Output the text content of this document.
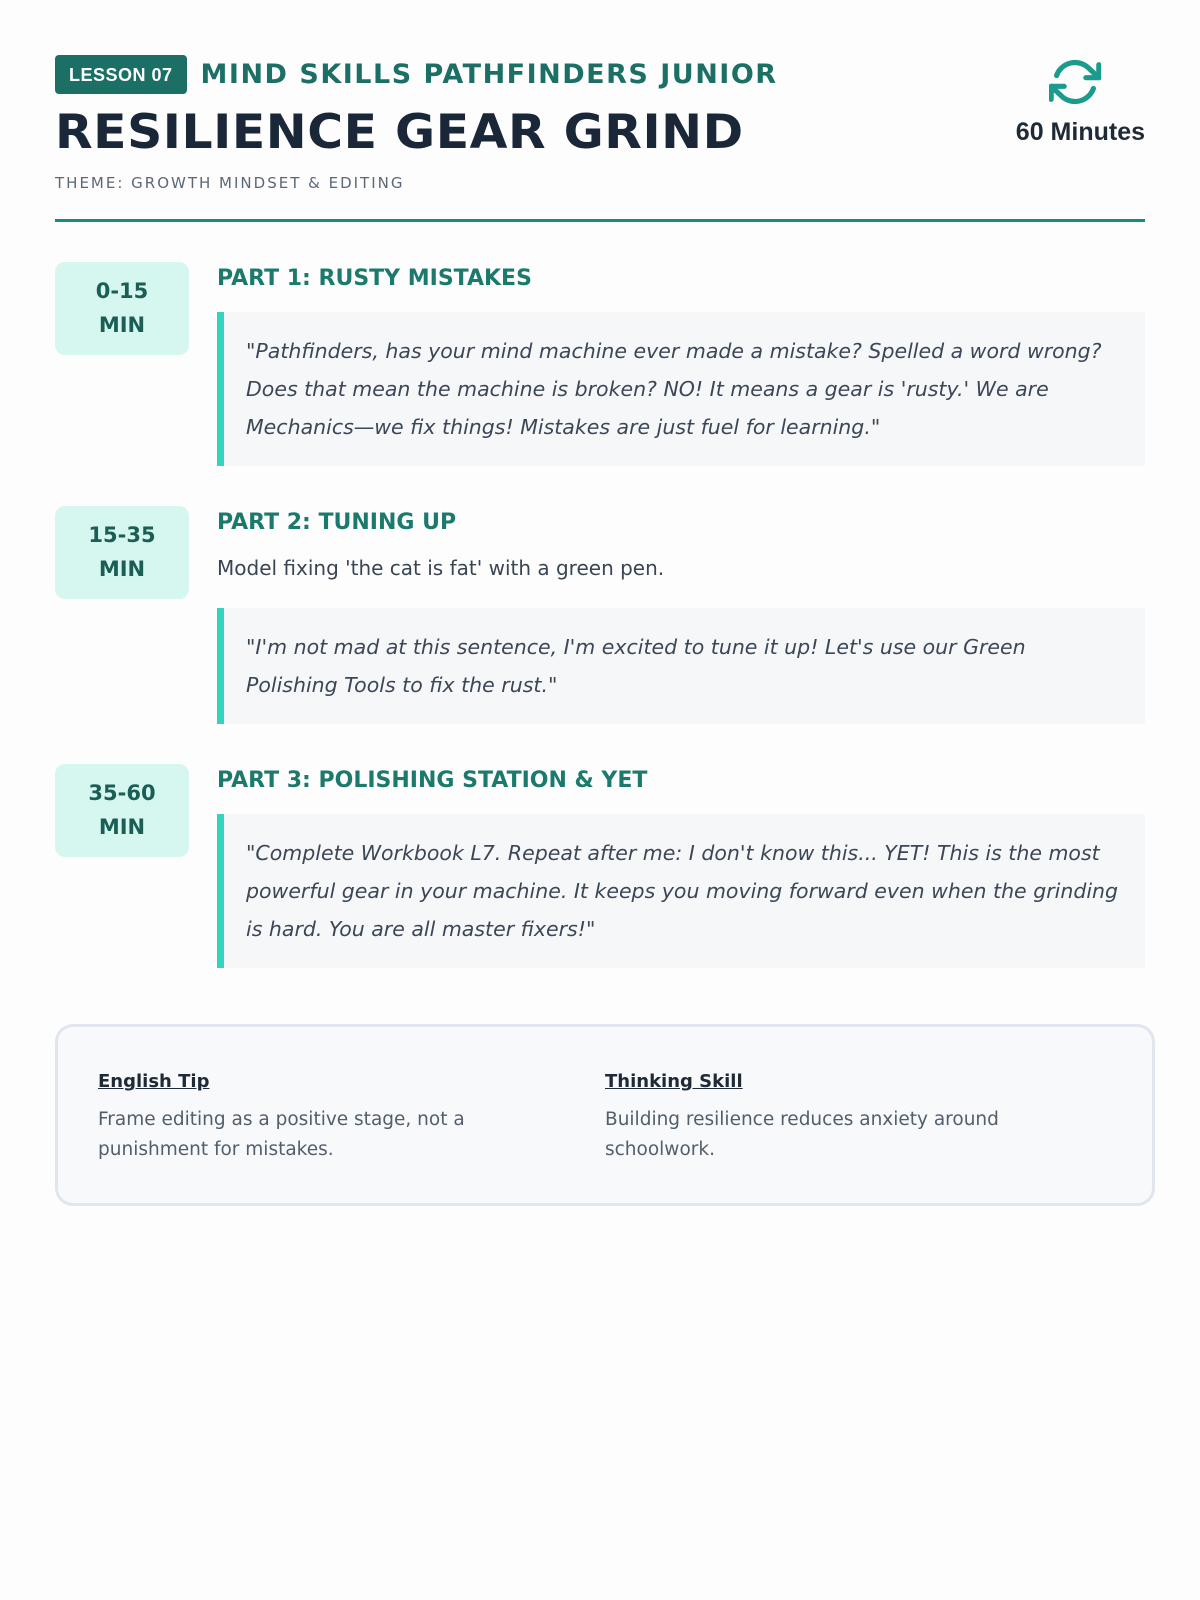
LESSON 07	MIND SKILLS PATHFINDERS JUNIOR
RESILIENCE GEAR GRIND
THEME: GROWTH MINDSET & EDITING
60 Minutes
0-15
MIN
PART 1: RUSTY MISTAKES
"Pathfinders, has your mind machine ever made a mistake? Spelled a word wrong? Does that mean the machine is broken? NO! It means a gear is 'rusty.' We are Mechanics—we fix things! Mistakes are just fuel for learning."
15-35
MIN
PART 2: TUNING UP
Model fixing 'the cat is fat' with a green pen.
"I'm not mad at this sentence, I'm excited to tune it up! Let's use our Green Polishing Tools to fix the rust."
35-60
MIN
PART 3: POLISHING STATION & YET
"Complete Workbook L7. Repeat after me: I don't know this... YET! This is the most powerful gear in your machine. It keeps you moving forward even when the grinding is hard. You are all master fixers!"
English Tip
Frame editing as a positive stage, not a punishment for mistakes.
Thinking Skill
Building resilience reduces anxiety around schoolwork.
